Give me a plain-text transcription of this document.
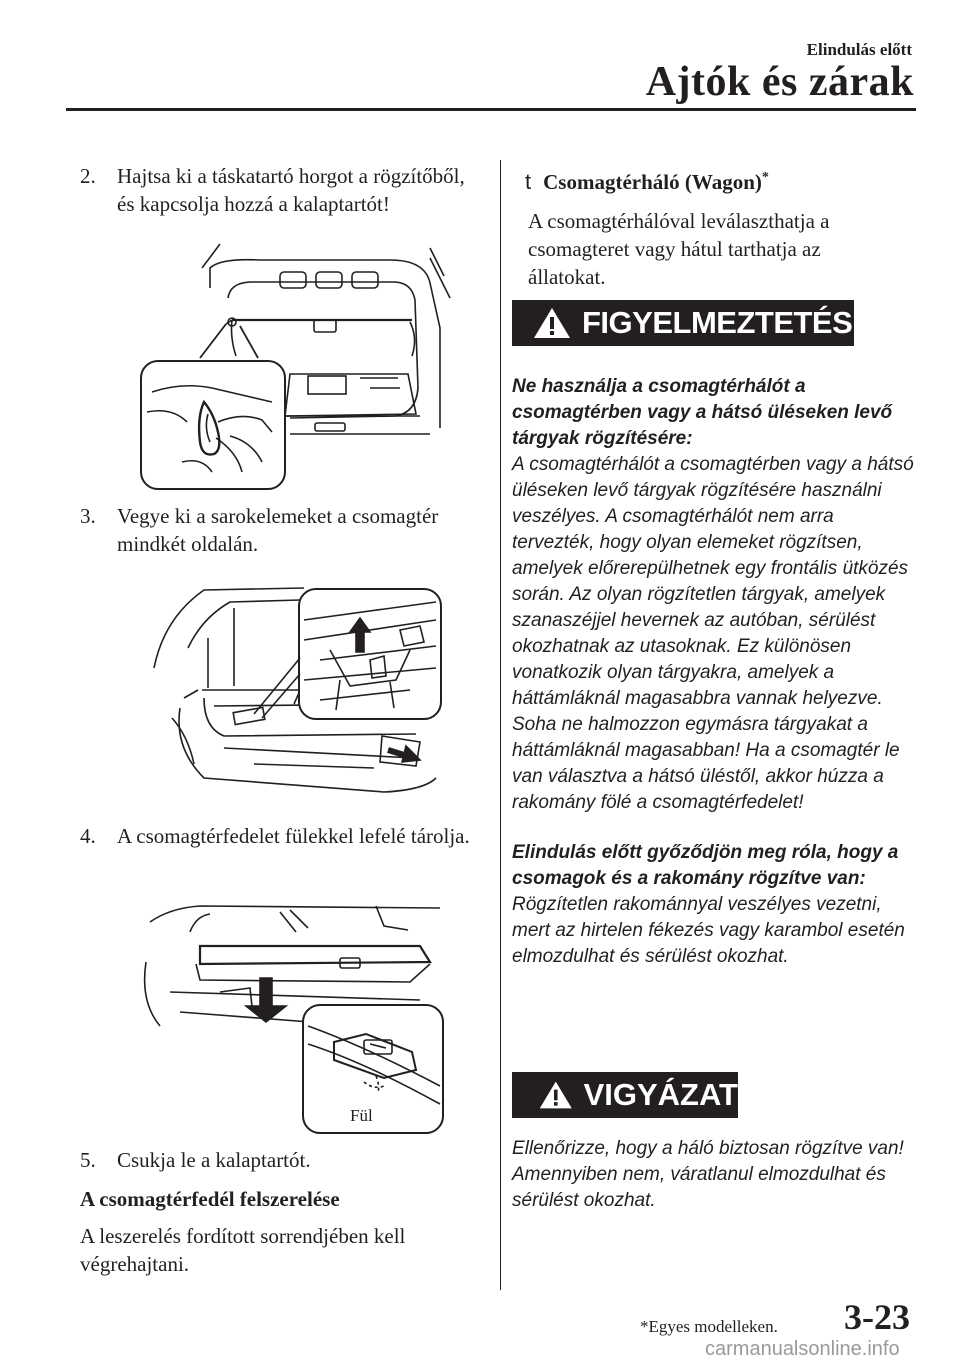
Elindulás előtt
Ajtók és zárak
2. Hajtsa ki a táskatartó horgot a rögzítőből, és kapcsolja hozzá a kalaptartót!
3. Vegye ki a sarokelemeket a csomagtér mindkét oldalán.
4. A csomagtérfedelet fülekkel lefelé tárolja.
Fül
5. Csukja le a kalaptartót.
A csomagtérfedél felszerelése
A leszerelés fordított sorrendjében kell végrehajtani.
t Csomagtérháló (Wagon)*
A csomagtérhálóval leválaszthatja a csomagteret vagy hátul tarthatja az állatokat.
FIGYELMEZTETÉS
Ne használja a csomagtérhálót a csomagtérben vagy a hátsó üléseken levő tárgyak rögzítésére:
A csomagtérhálót a csomagtérben vagy a hátsó üléseken levő tárgyak rögzítésére használni veszélyes. A csomagtérhálót nem arra tervezték, hogy olyan elemeket rögzítsen, amelyek előrerepülhetnek egy frontális ütközés során. Az olyan rögzítetlen tárgyak, amelyek szanaszéjjel hevernek az autóban, sérülést okozhatnak az utasoknak. Ez különösen vonatkozik olyan tárgyakra, amelyek a háttámláknál magasabbra vannak helyezve. Soha ne halmozzon egymásra tárgyakat a háttámláknál magasabban! Ha a csomagtér le van választva a hátsó üléstől, akkor húzza a rakomány fölé a csomagtérfedelet!
Elindulás előtt győződjön meg róla, hogy a csomagok és a rakomány rögzítve van:
Rögzítetlen rakománnyal veszélyes vezetni, mert az hirtelen fékezés vagy karambol esetén elmozdulhat és sérülést okozhat.
VIGYÁZAT
Ellenőrizze, hogy a háló biztosan rögzítve van! Amennyiben nem, váratlanul elmozdulhat és sérülést okozhat.
*Egyes modelleken. 3-23
carmanualsonline.info
